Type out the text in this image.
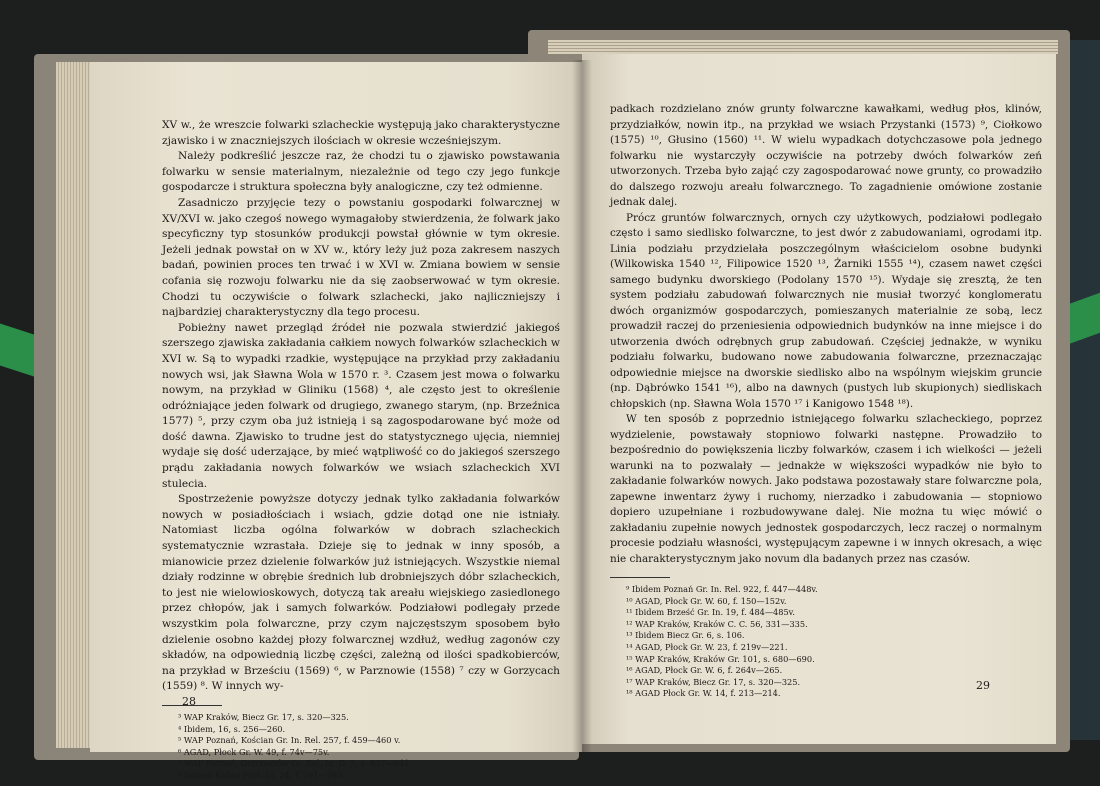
XV w., że wreszcie folwarki szlacheckie występują jako charakterystyczne zjawisko i w znaczniejszych ilościach w okresie wcześniejszym.

Należy podkreślić jeszcze raz, że chodzi tu o zjawisko powstawania folwarku w sensie materialnym, niezależnie od tego czy jego funkcje gospodarcze i struktura społeczna były analogiczne, czy też odmienne.

Zasadniczo przyjęcie tezy o powstaniu gospodarki folwarcznej w XV/XVI w. jako czegoś nowego wymagałoby stwierdzenia, że folwark jako specyficzny typ stosunków produkcji powstał głównie w tym okresie. Jeżeli jednak powstał on w XV w., który leży już poza zakresem naszych badań, powinien proces ten trwać i w XVI w. Zmiana bowiem w sensie cofania się rozwoju folwarku nie da się zaobserwować w tym okresie. Chodzi tu oczywiście o folwark szlachecki, jako najliczniejszy i najbardziej charakterystyczny dla tego procesu.

Pobieżny nawet przegląd źródeł nie pozwala stwierdzić jakiegoś szerszego zjawiska zakładania całkiem nowych folwarków szlacheckich w XVI w. Są to wypadki rzadkie, występujące na przykład przy zakładaniu nowych wsi, jak Sławna Wola w 1570 r. ³. Czasem jest mowa o folwarku nowym, na przykład w Gliniku (1568) ⁴, ale często jest to określenie odróżniające jeden folwark od drugiego, zwanego starym, (np. Brzeźnica 1577) ⁵, przy czym oba już istnieją i są zagospodarowane być może od dość dawna. Zjawisko to trudne jest do statystycznego ujęcia, niemniej wydaje się dość uderzające, by mieć wątpliwość co do jakiegoś szerszego prądu zakładania nowych folwarków we wsiach szlacheckich XVI stulecia.

Spostrzeżenie powyższe dotyczy jednak tylko zakładania folwarków nowych w posiadłościach i wsiach, gdzie dotąd one nie istniały. Natomiast liczba ogólna folwarków w dobrach szlacheckich systematycznie wzrastała. Dzieje się to jednak w inny sposób, a mianowicie przez dzielenie folwarków już istniejących. Wszystkie niemal działy rodzinne w obrębie średnich lub drobniejszych dóbr szlacheckich, to jest nie wielowioskowych, dotyczą tak areału wiejskiego zasiedlonego przez chłopów, jak i samych folwarków. Podziałowi podlegały przede wszystkim pola folwarczne, przy czym najczęstszym sposobem było dzielenie osobno każdej płozy folwarcznej wzdłuż, według zagonów czy składów, na odpowiednią liczbę części, zależną od ilości spadkobierców, na przykład w Brześciu (1569) ⁶, w Parznowie (1558) ⁷ czy w Gorzycach (1559) ⁸. W innych wy-

³ WAP Kraków, Biecz Gr. 17, s. 320—325.
⁴ Ibidem, 16, s. 256—260.
⁵ WAP Poznań, Kościan Gr. In. Rel. 257, f. 459—460 v.
⁶ AGAD, Płock Gr. W. 49, f. 74v—75v.
⁷ WAP Poznań, Ostrzeszów Gr. Rel. In. D. 5, s. 637—641.
⁸ Ibidem Kalisz Prot. In. 24, f. 291—293.
28

padkach rozdzielano znów grunty folwarczne kawałkami, według płos, klinów, przydziałków, nowin itp., na przykład we wsiach Przystanki (1573) ⁹, Ciołkowo (1575) ¹⁰, Głusino (1560) ¹¹. W wielu wypadkach dotychczasowe pola jednego folwarku nie wystarczyły oczywiście na potrzeby dwóch folwarków zeń utworzonych. Trzeba było zająć czy zagospodarować nowe grunty, co prowadziło do dalszego rozwoju areału folwarcznego. To zagadnienie omówione zostanie jednak dalej.

Prócz gruntów folwarcznych, ornych czy użytkowych, podziałowi podlegało często i samo siedlisko folwarczne, to jest dwór z zabudowaniami, ogrodami itp. Linia podziału przydzielała poszczególnym właścicielom osobne budynki (Wilkowiska 1540 ¹², Filipowice 1520 ¹³, Żarniki 1555 ¹⁴), czasem nawet części samego budynku dworskiego (Podolany 1570 ¹⁵). Wydaje się zresztą, że ten system podziału zabudowań folwarcznych nie musiał tworzyć konglomeratu dwóch organizmów gospodarczych, pomieszanych materialnie ze sobą, lecz prowadził raczej do przeniesienia odpowiednich budynków na inne miejsce i do utworzenia dwóch odrębnych grup zabudowań. Częściej jednakże, w wyniku podziału folwarku, budowano nowe zabudowania folwarczne, przeznaczając odpowiednie miejsce na dworskie siedlisko albo na wspólnym wiejskim gruncie (np. Dąbrówko 1541 ¹⁶), albo na dawnych (pustych lub skupionych) siedliskach chłopskich (np. Sławna Wola 1570 ¹⁷ i Kanigowo 1548 ¹⁸).

W ten sposób z poprzednio istniejącego folwarku szlacheckiego, poprzez wydzielenie, powstawały stopniowo folwarki następne. Prowadziło to bezpośrednio do powiększenia liczby folwarków, czasem i ich wielkości — jeżeli warunki na to pozwalały — jednakże w większości wypadków nie było to zakładanie folwarków nowych. Jako podstawa pozostawały stare folwarczne pola, zapewne inwentarz żywy i ruchomy, nierzadko i zabudowania — stopniowo dopiero uzupełniane i rozbudowywane dalej. Nie można tu więc mówić o zakładaniu zupełnie nowych jednostek gospodarczych, lecz raczej o normalnym procesie podziału własności, występującym zapewne i w innych okresach, a więc nie charakterystycznym jako novum dla badanych przez nas czasów.

⁹ Ibidem Poznań Gr. In. Rel. 922, f. 447—448v.
¹⁰ AGAD, Płock Gr. W. 60, f. 150—152v.
¹¹ Ibidem Brześć Gr. In. 19, f. 484—485v.
¹² WAP Kraków, Kraków C. C. 56, 331—335.
¹³ Ibidem Biecz Gr. 6, s. 106.
¹⁴ AGAD, Płock Gr. W. 23, f. 219v—221.
¹⁵ WAP Kraków, Kraków Gr. 101, s. 680—690.
¹⁶ AGAD, Płock Gr. W. 6, f. 264v—265.
¹⁷ WAP Kraków, Biecz Gr. 17, s. 320—325.
¹⁸ AGAD Płock Gr. W. 14, f. 213—214.
29
